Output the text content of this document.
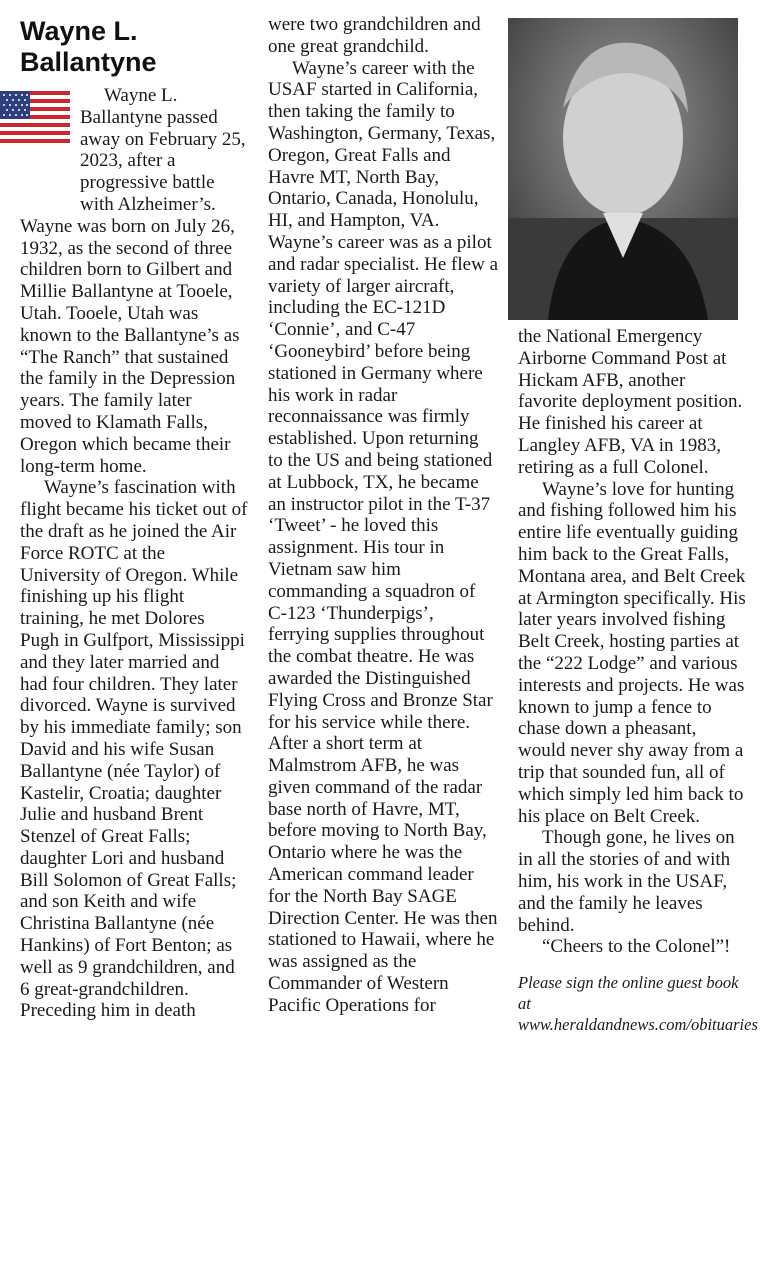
Wayne L.
Ballantyne

Wayne L. Ballantyne passed away on February 25, 2023, after a progressive battle with Alzheimer’s. Wayne was born on July 26, 1932, as the second of three children born to Gilbert and Millie Ballantyne at Tooele, Utah. Tooele, Utah was known to the Ballantyne’s as “The Ranch” that sustained the family in the Depression years. The family later moved to Klamath Falls, Oregon which became their long-term home.

Wayne’s fascination with flight became his ticket out of the draft as he joined the Air Force ROTC at the University of Oregon. While finishing up his flight training, he met Dolores Pugh in Gulfport, Mississippi and they later married and had four children. They later divorced. Wayne is survived by his immediate family; son David and his wife Susan Ballantyne (née Taylor) of Kastelir, Croatia; daughter Julie and husband Brent Stenzel of Great Falls; daughter Lori and husband Bill Solomon of Great Falls; and son Keith and wife Christina Ballantyne (née Hankins) of Fort Benton; as well as 9 grandchildren, and 6 great-grandchildren. Preceding him in death

were two grandchildren and one great grandchild.

Wayne’s career with the USAF started in California, then taking the family to Washington, Germany, Texas, Oregon, Great Falls and Havre MT, North Bay, Ontario, Canada, Honolulu, HI, and Hampton, VA. Wayne’s career was as a pilot and radar specialist. He flew a variety of larger aircraft, including the EC-121D ‘Connie’, and C-47 ‘Gooneybird’ before being stationed in Germany where his work in radar reconnaissance was firmly established. Upon returning to the US and being stationed at Lubbock, TX, he became an instructor pilot in the T-37 ‘Tweet’ - he loved this assignment. His tour in Vietnam saw him commanding a squadron of C-123 ‘Thunderpigs’, ferrying supplies throughout the combat theatre. He was awarded the Distinguished Flying Cross and Bronze Star for his service while there. After a short term at Malmstrom AFB, he was given command of the radar base north of Havre, MT, before moving to North Bay, Ontario where he was the American command leader for the North Bay SAGE Direction Center. He was then stationed to Hawaii, where he was assigned as the Commander of Western Pacific Operations for

the National Emergency Airborne Command Post at Hickam AFB, another favorite deployment position. He finished his career at Langley AFB, VA in 1983, retiring as a full Colonel.

Wayne’s love for hunting and fishing followed him his entire life eventually guiding him back to the Great Falls, Montana area, and Belt Creek at Armington specifically. His later years involved fishing Belt Creek, hosting parties at the “222 Lodge” and various interests and projects. He was known to jump a fence to chase down a pheasant, would never shy away from a trip that sounded fun, all of which simply led him back to his place on Belt Creek.

Though gone, he lives on in all the stories of and with him, his work in the USAF, and the family he leaves behind.

“Cheers to the Colonel”!

Please sign the online guest book at www.heraldandnews.com/obituaries
